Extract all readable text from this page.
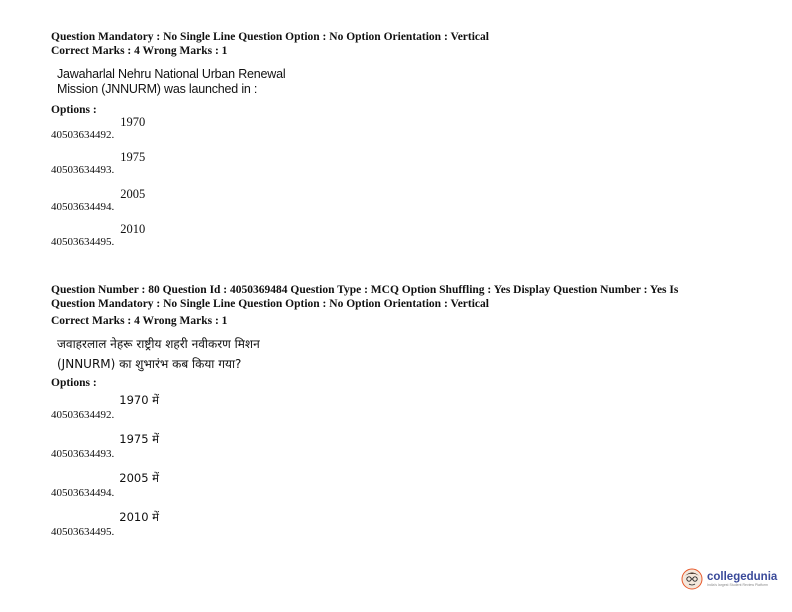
Question Mandatory : No Single Line Question Option : No Option Orientation : Vertical
Correct Marks : 4 Wrong Marks : 1
Jawaharlal Nehru National Urban Renewal
Mission (JNNURM) was launched in :
Options :
40503634492.$^{1970}$
40503634493.$^{1975}$
40503634494.$^{2005}$
40503634495.$^{2010}$
Question Number : 80 Question Id : 4050369484 Question Type : MCQ Option Shuffling : Yes Display Question Number : Yes Is
Question Mandatory : No Single Line Question Option : No Option Orientation : Vertical
Correct Marks : 4 Wrong Marks : 1
जवाहरलाल नेहरू राष्ट्रीय शहरी नवीकरण मिशन
(JNNURM) का शुभारंभ कब किया गया?
Options :
40503634492.$^{1970 में}$
40503634493.$^{1975 में}$
40503634494.$^{2005 में}$
40503634495.$^{2010 में}$
collegedunia
India's largest Student Review Platform
